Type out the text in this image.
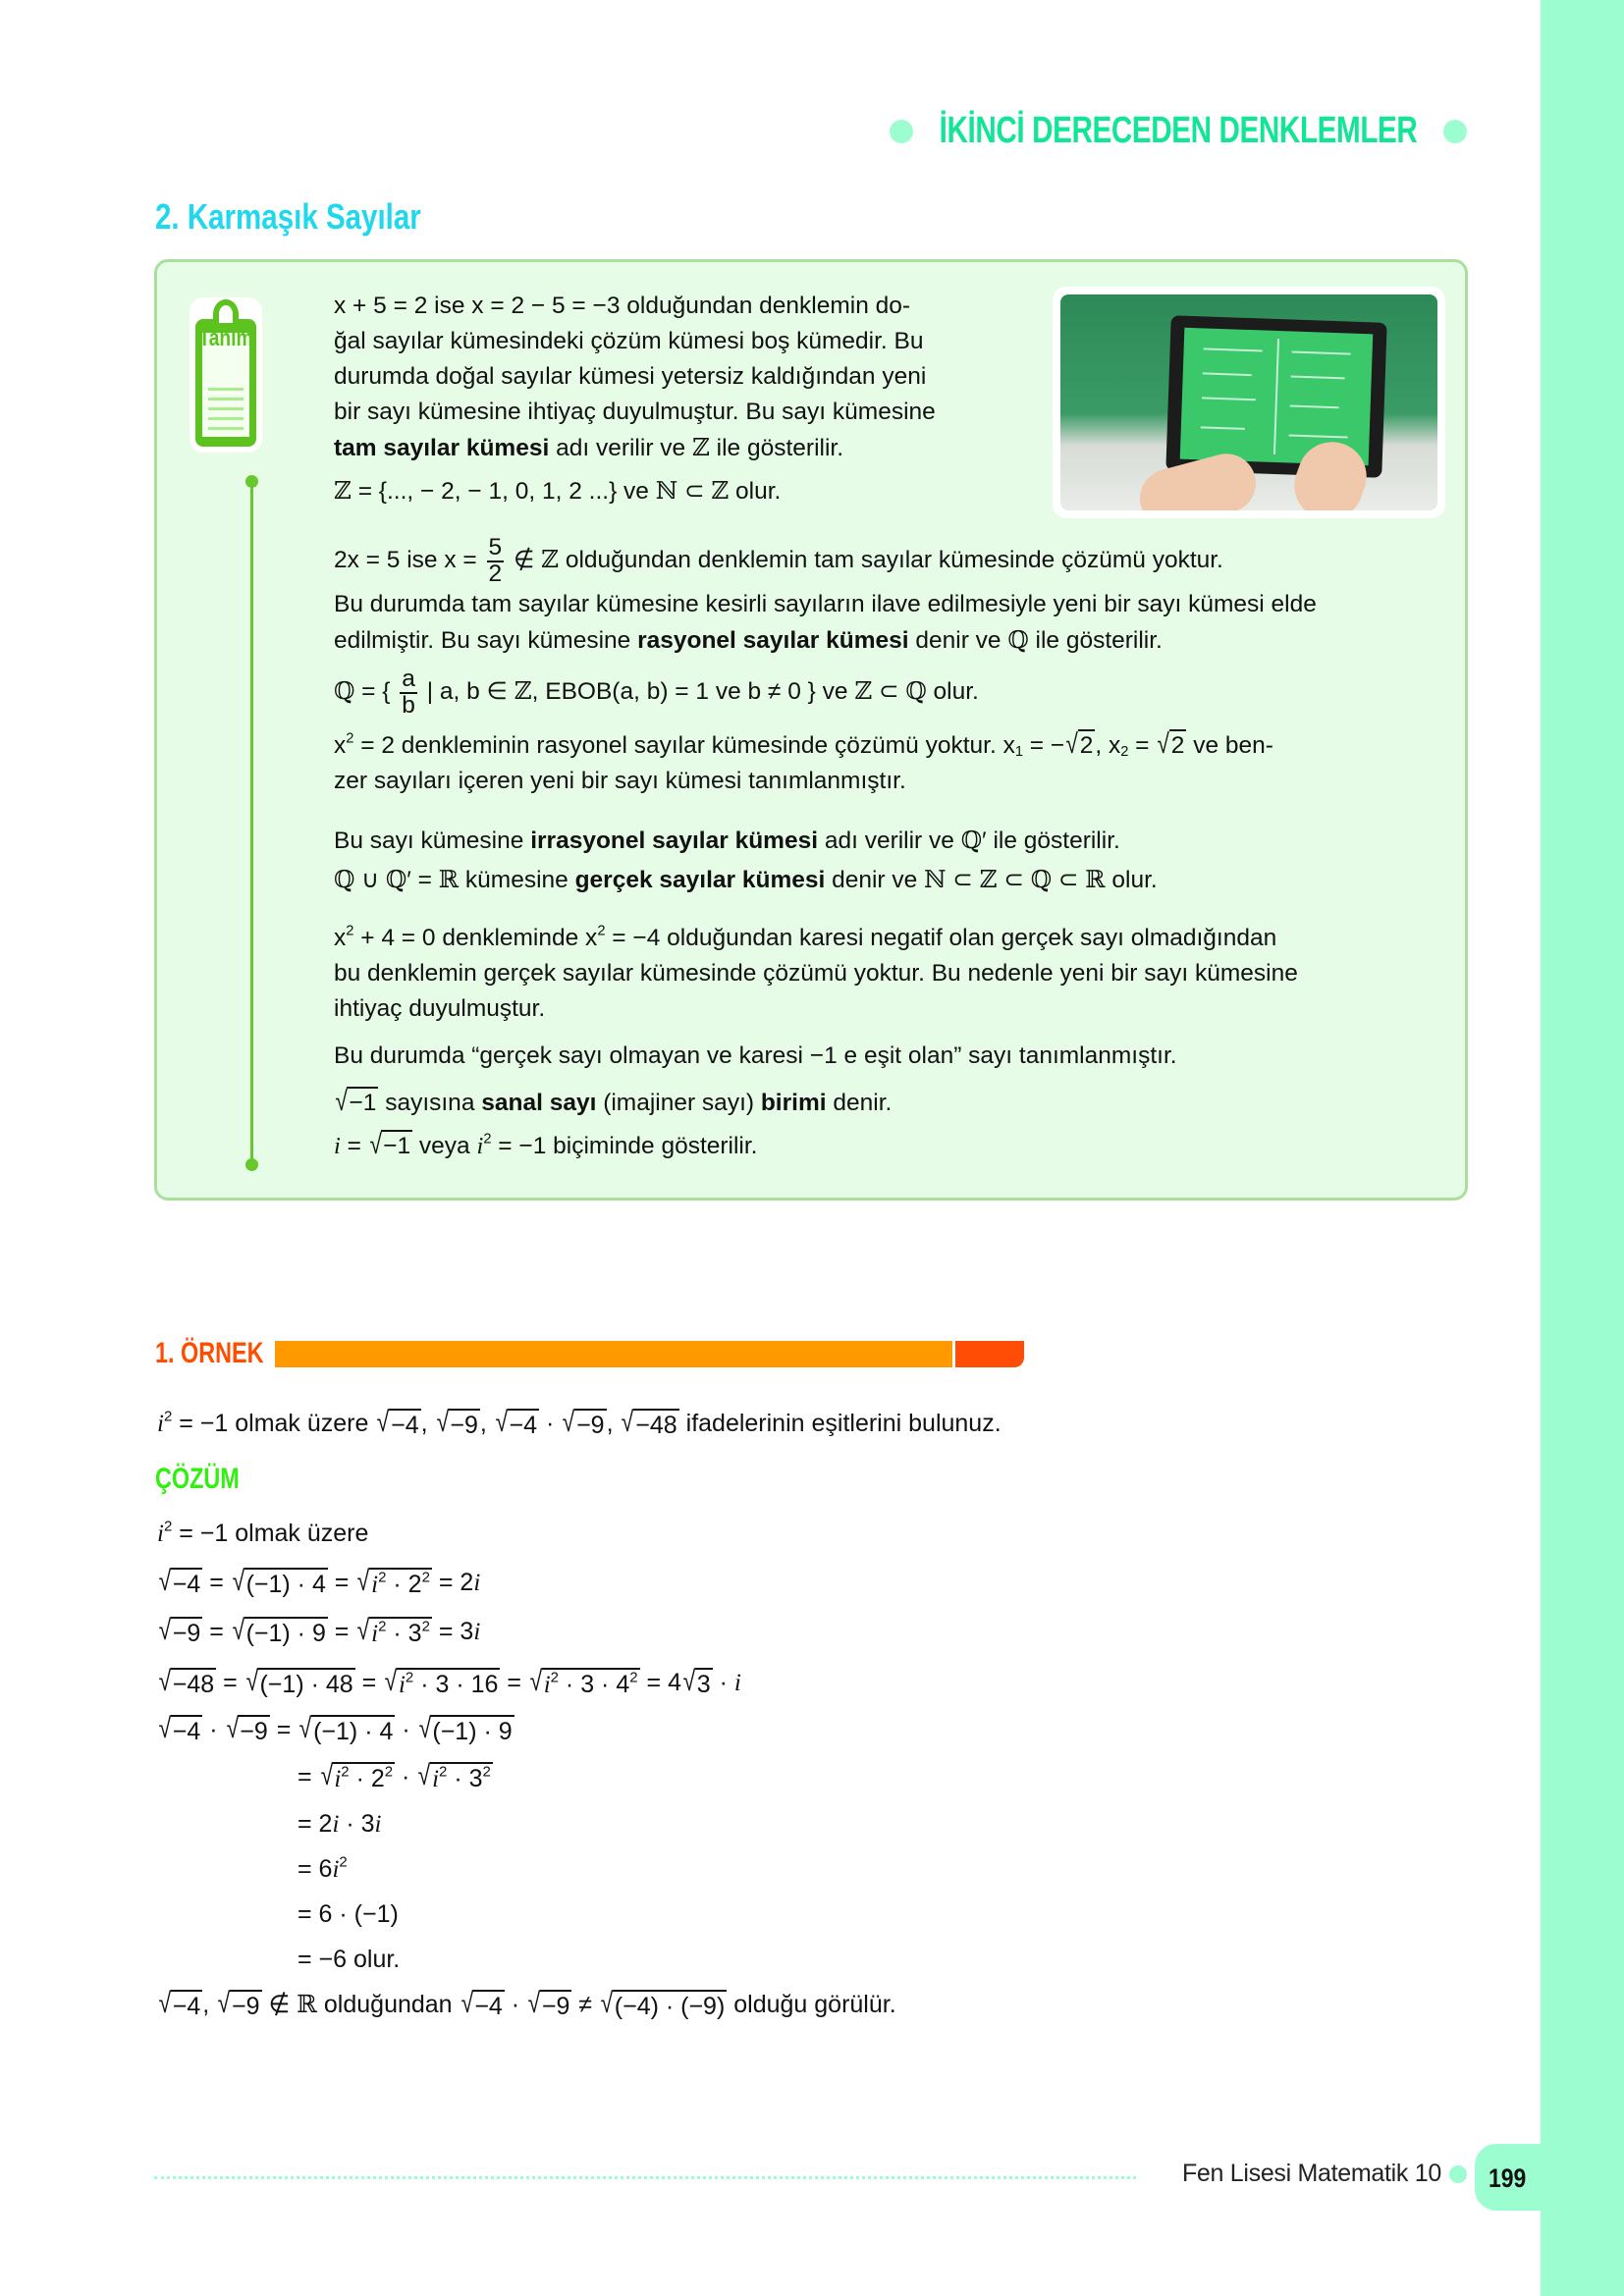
İKİNCİ DERECEDEN DENKLEMLER
2. Karmaşık Sayılar
Tanım
x + 5 = 2 ise x = 2 − 5 = −3 olduğundan denklemin do-
ğal sayılar kümesindeki çözüm kümesi boş kümedir. Bu
durumda doğal sayılar kümesi yetersiz kaldığından yeni
bir sayı kümesine ihtiyaç duyulmuştur. Bu sayı kümesine
tam sayılar kümesi adı verilir ve ℤ ile gösterilir.
ℤ = {..., − 2, − 1, 0, 1, 2 ...} ve ℕ ⊂ ℤ olur.
2x = 5 ise $x = \frac{5}{2}$ ∉ ℤ olduğundan denklemin tam sayılar kümesinde çözümü yoktur.
Bu durumda tam sayılar kümesine kesirli sayıların ilave edilmesiyle yeni bir sayı kümesi elde
edilmiştir. Bu sayı kümesine rasyonel sayılar kümesi denir ve ℚ ile gösterilir.
ℚ = { $\frac{a}{b}$ | a, b ∈ ℤ, EBOB(a, b) = 1 ve b ≠ 0 } ve ℤ ⊂ ℚ olur.
$x^2 = 2$ denkleminin rasyonel sayılar kümesinde çözümü yoktur. $x_1$ = − √ 2 , $x_2$ = √ 2 ve ben-
zer sayıları içeren yeni bir sayı kümesi tanımlanmıştır.
Bu sayı kümesine irrasyonel sayılar kümesi adı verilir ve ℚ′ ile gösterilir.
ℚ ∪ ℚ′ = ℝ kümesine gerçek sayılar kümesi denir ve ℕ ⊂ ℤ ⊂ ℚ ⊂ ℝ olur.
$x^2 + 4 = 0$ denkleminde $x^2 = -4$ olduğundan karesi negatif olan gerçek sayı olmadığından
bu denklemin gerçek sayılar kümesinde çözümü yoktur. Bu nedenle yeni bir sayı kümesine
ihtiyaç duyulmuştur.
Bu durumda “gerçek sayı olmayan ve karesi −1 e eşit olan” sayı tanımlanmıştır.
√ −1 sayısına sanal sayı (imajiner sayı) birimi denir.
i = √ −1 veya $i^2 = -1$ biçiminde gösterilir.
1. ÖRNEK
$i^2 = -1$ olmak üzere √ −4 , √ −9 , √ −4 · √ −9 , √ −48 ifadelerinin eşitlerini bulunuz.
ÇÖZÜM
$i^2 = -1$ olmak üzere
√ −4 = √ (−1) · 4 = √ $i^2 \cdot 2^2 = 2i$
√ −9 = √ (−1) · 9 = √ $i^2 \cdot 3^2 = 3i$
√ −48 = √ (−1) · 48 = √ $i^2 \cdot 3 \cdot 16$ = √ $i^2 \cdot 3 \cdot 4^2 = 4$ √ 3 · i
√ −4 · √ −9 = √ (−1) · 4 · √ (−1) · 9
= √ $i^2 \cdot 2^2$ · √ $i^2 \cdot 3^2$
= 2i · 3i
= $6i^2$
= 6 · (−1)
= −6 olur.
√ −4 , √ −9 ∉ ℝ olduğundan √ −4 · √ −9 ≠ √ (−4) · (−9) olduğu görülür.
Fen Lisesi Matematik 10	199
